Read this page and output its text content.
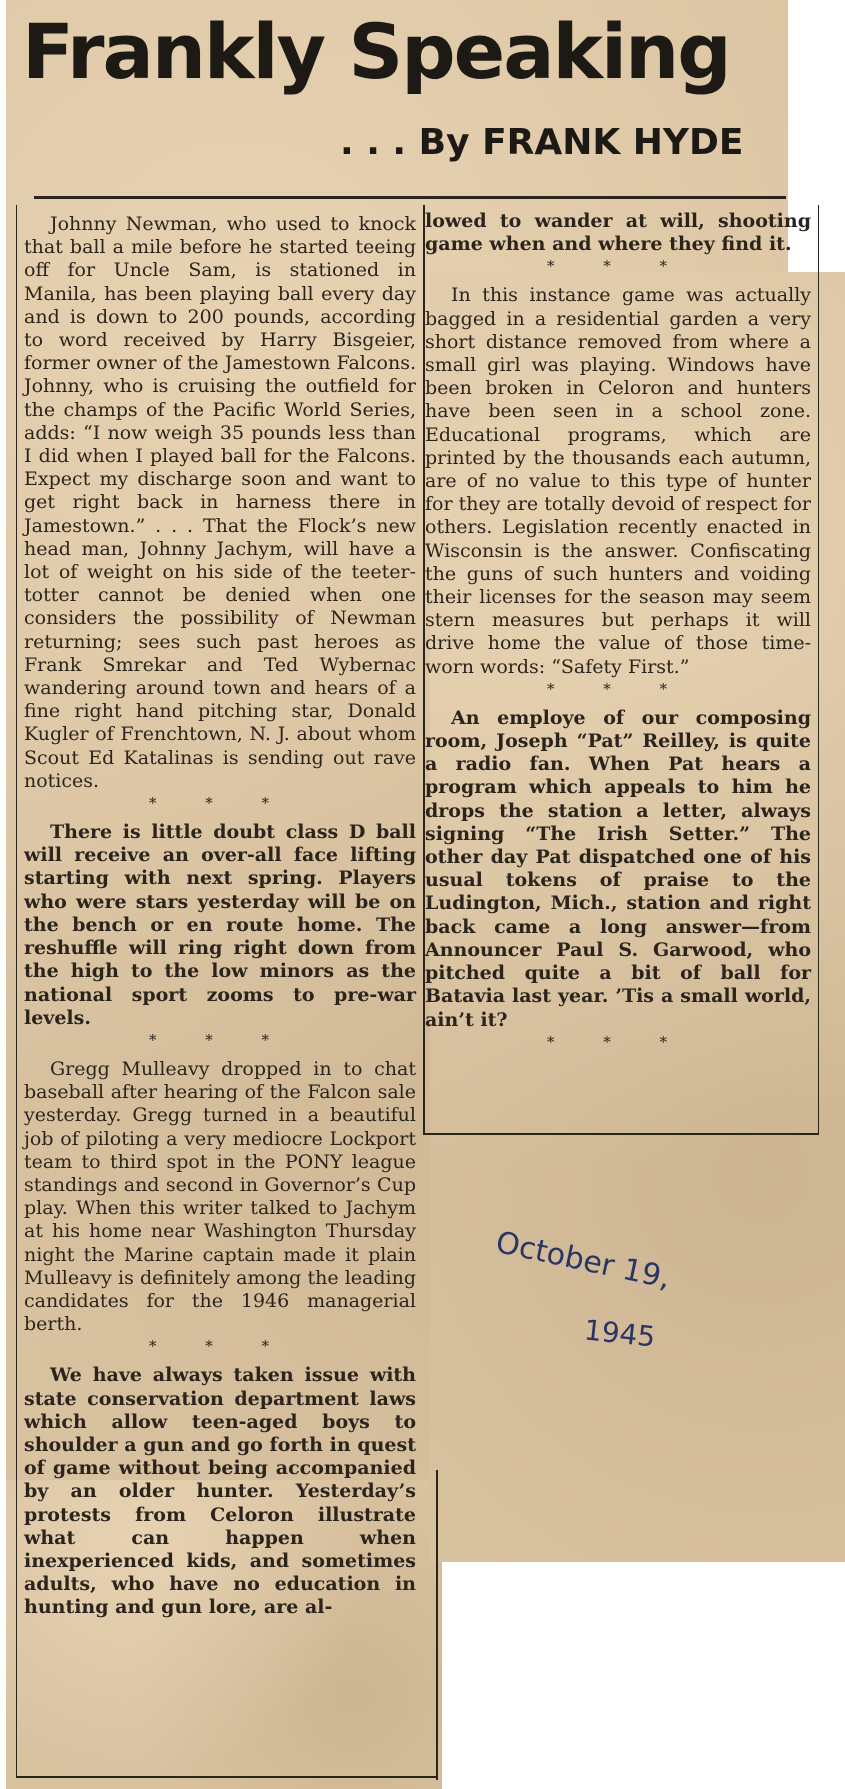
Frankly Speaking
. . . By FRANK HYDE

Johnny Newman, who used to knock that ball a mile before he started teeing off for Uncle Sam, is stationed in Manila, has been playing ball every day and is down to 200 pounds, according to word received by Harry Bisgeier, former owner of the Jamestown Falcons. Johnny, who is cruising the outfield for the champs of the Pacific World Series, adds: “I now weigh 35 pounds less than I did when I played ball for the Falcons. Expect my discharge soon and want to get right back in harness there in Jamestown.” . . . That the Flock’s new head man, Johnny Jachym, will have a lot of weight on his side of the teeter-totter cannot be denied when one considers the possibility of Newman returning; sees such past heroes as Frank Smrekar and Ted Wybernac wandering around town and hears of a fine right hand pitching star, Donald Kugler of Frenchtown, N. J. about whom Scout Ed Katalinas is sending out rave notices.

* * *

There is little doubt class D ball will receive an over-all face lifting starting with next spring. Players who were stars yesterday will be on the bench or en route home. The reshuffle will ring right down from the high to the low minors as the national sport zooms to pre-war levels.

* * *

Gregg Mulleavy dropped in to chat baseball after hearing of the Falcon sale yesterday. Gregg turned in a beautiful job of piloting a very mediocre Lockport team to third spot in the PONY league standings and second in Governor’s Cup play. When this writer talked to Jachym at his home near Washington Thursday night the Marine captain made it plain Mulleavy is definitely among the leading candidates for the 1946 managerial berth.

* * *

We have always taken issue with state conservation department laws which allow teen-aged boys to shoulder a gun and go forth in quest of game without being accompanied by an older hunter. Yesterday’s protests from Celoron illustrate what can happen when inexperienced kids, and sometimes adults, who have no education in hunting and gun lore, are al-

lowed to wander at will, shooting game when and where they find it.

* * *

In this instance game was actually bagged in a residential garden a very short distance removed from where a small girl was playing. Windows have been broken in Celoron and hunters have been seen in a school zone. Educational programs, which are printed by the thousands each autumn, are of no value to this type of hunter for they are totally devoid of respect for others. Legislation recently enacted in Wisconsin is the answer. Confiscating the guns of such hunters and voiding their licenses for the season may seem stern measures but perhaps it will drive home the value of those time-worn words: “Safety First.”

* * *

An employe of our composing room, Joseph “Pat” Reilley, is quite a radio fan. When Pat hears a program which appeals to him he drops the station a letter, always signing “The Irish Setter.” The other day Pat dispatched one of his usual tokens of praise to the Ludington, Mich., station and right back came a long answer—from Announcer Paul S. Garwood, who pitched quite a bit of ball for Batavia last year. ’Tis a small world, ain’t it?

* * *
October 19,
1945
